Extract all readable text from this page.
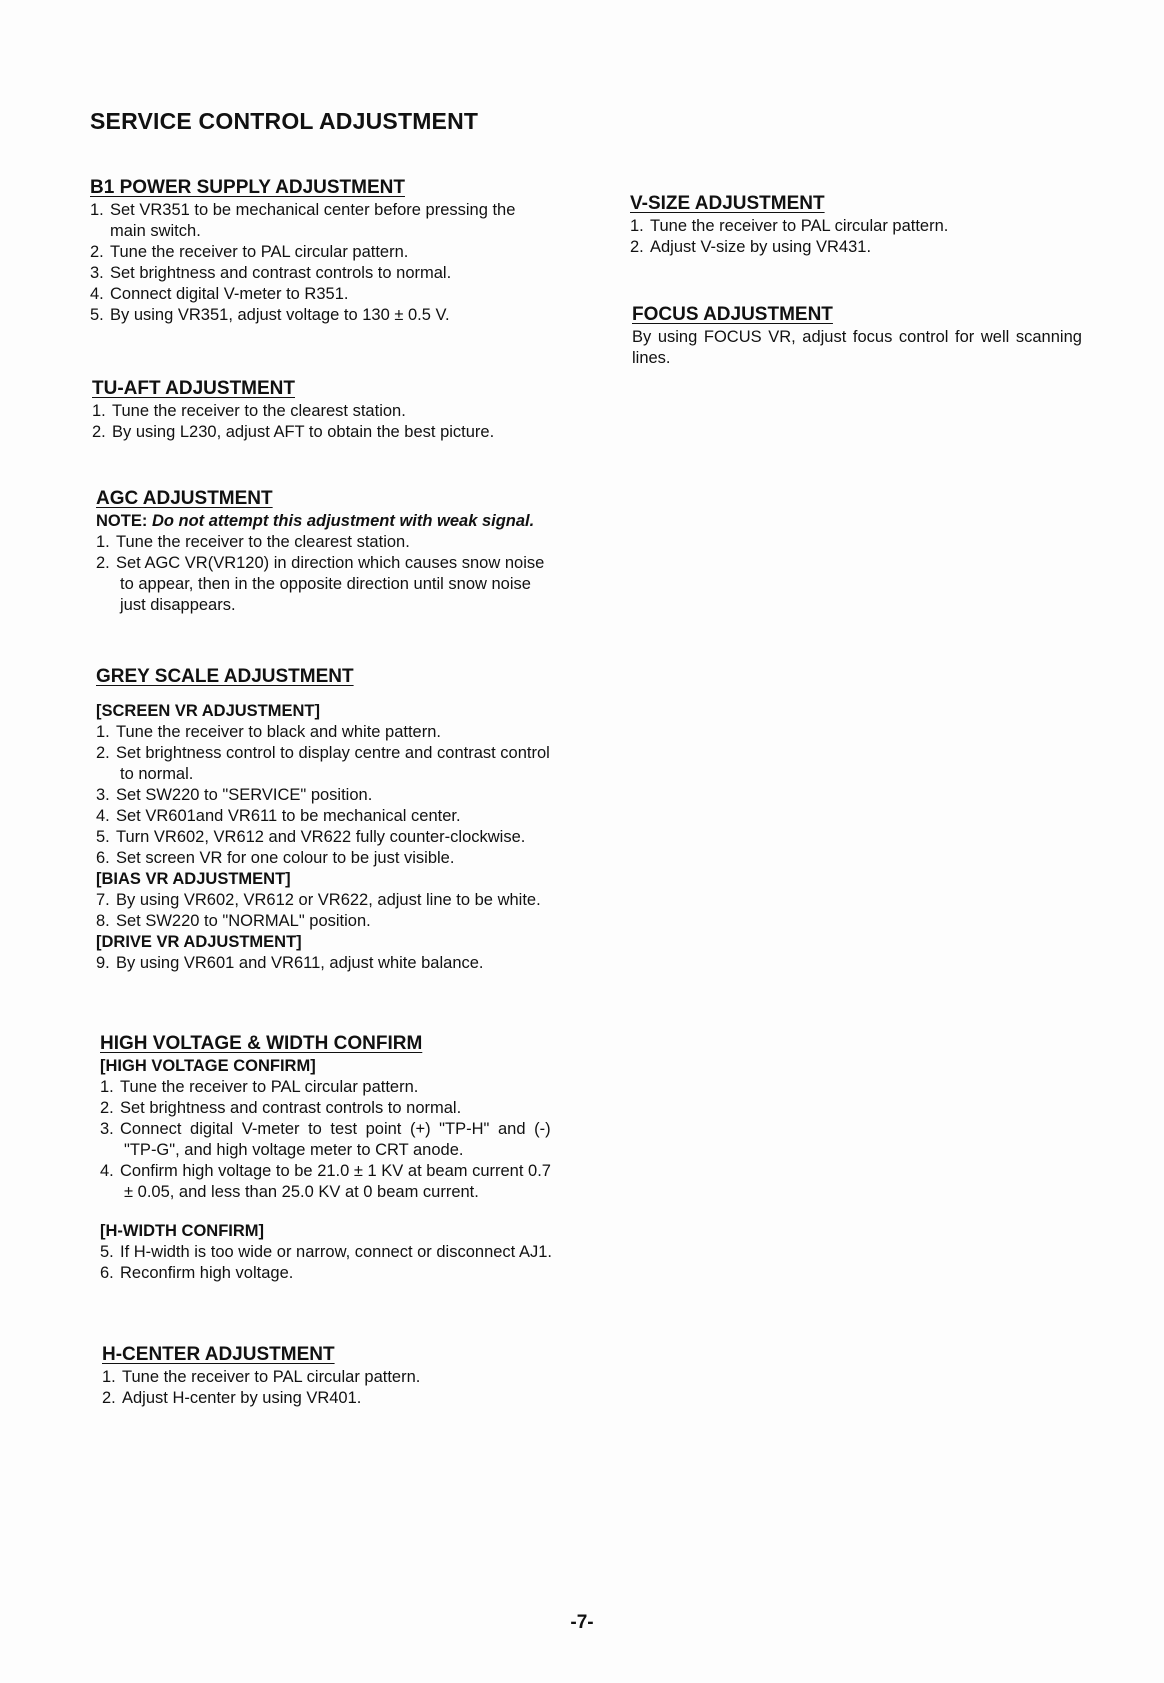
SERVICE CONTROL ADJUSTMENT
B1 POWER SUPPLY ADJUSTMENT
1. Set VR351 to be mechanical center before pressing the
main switch.
2. Tune the receiver to PAL circular pattern.
3. Set brightness and contrast controls to normal.
4. Connect digital V-meter to R351.
5. By using VR351, adjust voltage to 130 ± 0.5 V.
TU-AFT ADJUSTMENT
1. Tune the receiver to the clearest station.
2. By using L230, adjust AFT to obtain the best picture.
AGC ADJUSTMENT
NOTE: Do not attempt this adjustment with weak signal.
1. Tune the receiver to the clearest station.
2. Set AGC VR(VR120) in direction which causes snow noise
to appear, then in the opposite direction until snow noise
just disappears.
GREY SCALE ADJUSTMENT
[SCREEN VR ADJUSTMENT]
1. Tune the receiver to black and white pattern.
2. Set brightness control to display centre and contrast control
to normal.
3. Set SW220 to "SERVICE" position.
4. Set VR601and VR611 to be mechanical center.
5. Turn VR602, VR612 and VR622 fully counter-clockwise.
6. Set screen VR for one colour to be just visible.
[BIAS VR ADJUSTMENT]
7. By using VR602, VR612 or VR622, adjust line to be white.
8. Set SW220 to "NORMAL" position.
[DRIVE VR ADJUSTMENT]
9. By using VR601 and VR611, adjust white balance.
HIGH VOLTAGE & WIDTH CONFIRM
[HIGH VOLTAGE CONFIRM]
1. Tune the receiver to PAL circular pattern.
2. Set brightness and contrast controls to normal.
3. Connect digital V-meter to test point (+) "TP-H" and (-)
"TP-G", and high voltage meter to CRT anode.
4. Confirm high voltage to be 21.0 ± 1 KV at beam current 0.7
± 0.05, and less than 25.0 KV at 0 beam current.
[H-WIDTH CONFIRM]
5. If H-width is too wide or narrow, connect or disconnect AJ1.
6. Reconfirm high voltage.
H-CENTER ADJUSTMENT
1. Tune the receiver to PAL circular pattern.
2. Adjust H-center by using VR401.
V-SIZE ADJUSTMENT
1. Tune the receiver to PAL circular pattern.
2. Adjust V-size by using VR431.
FOCUS ADJUSTMENT
By using FOCUS VR, adjust focus control for well scanning
lines.
-7-
